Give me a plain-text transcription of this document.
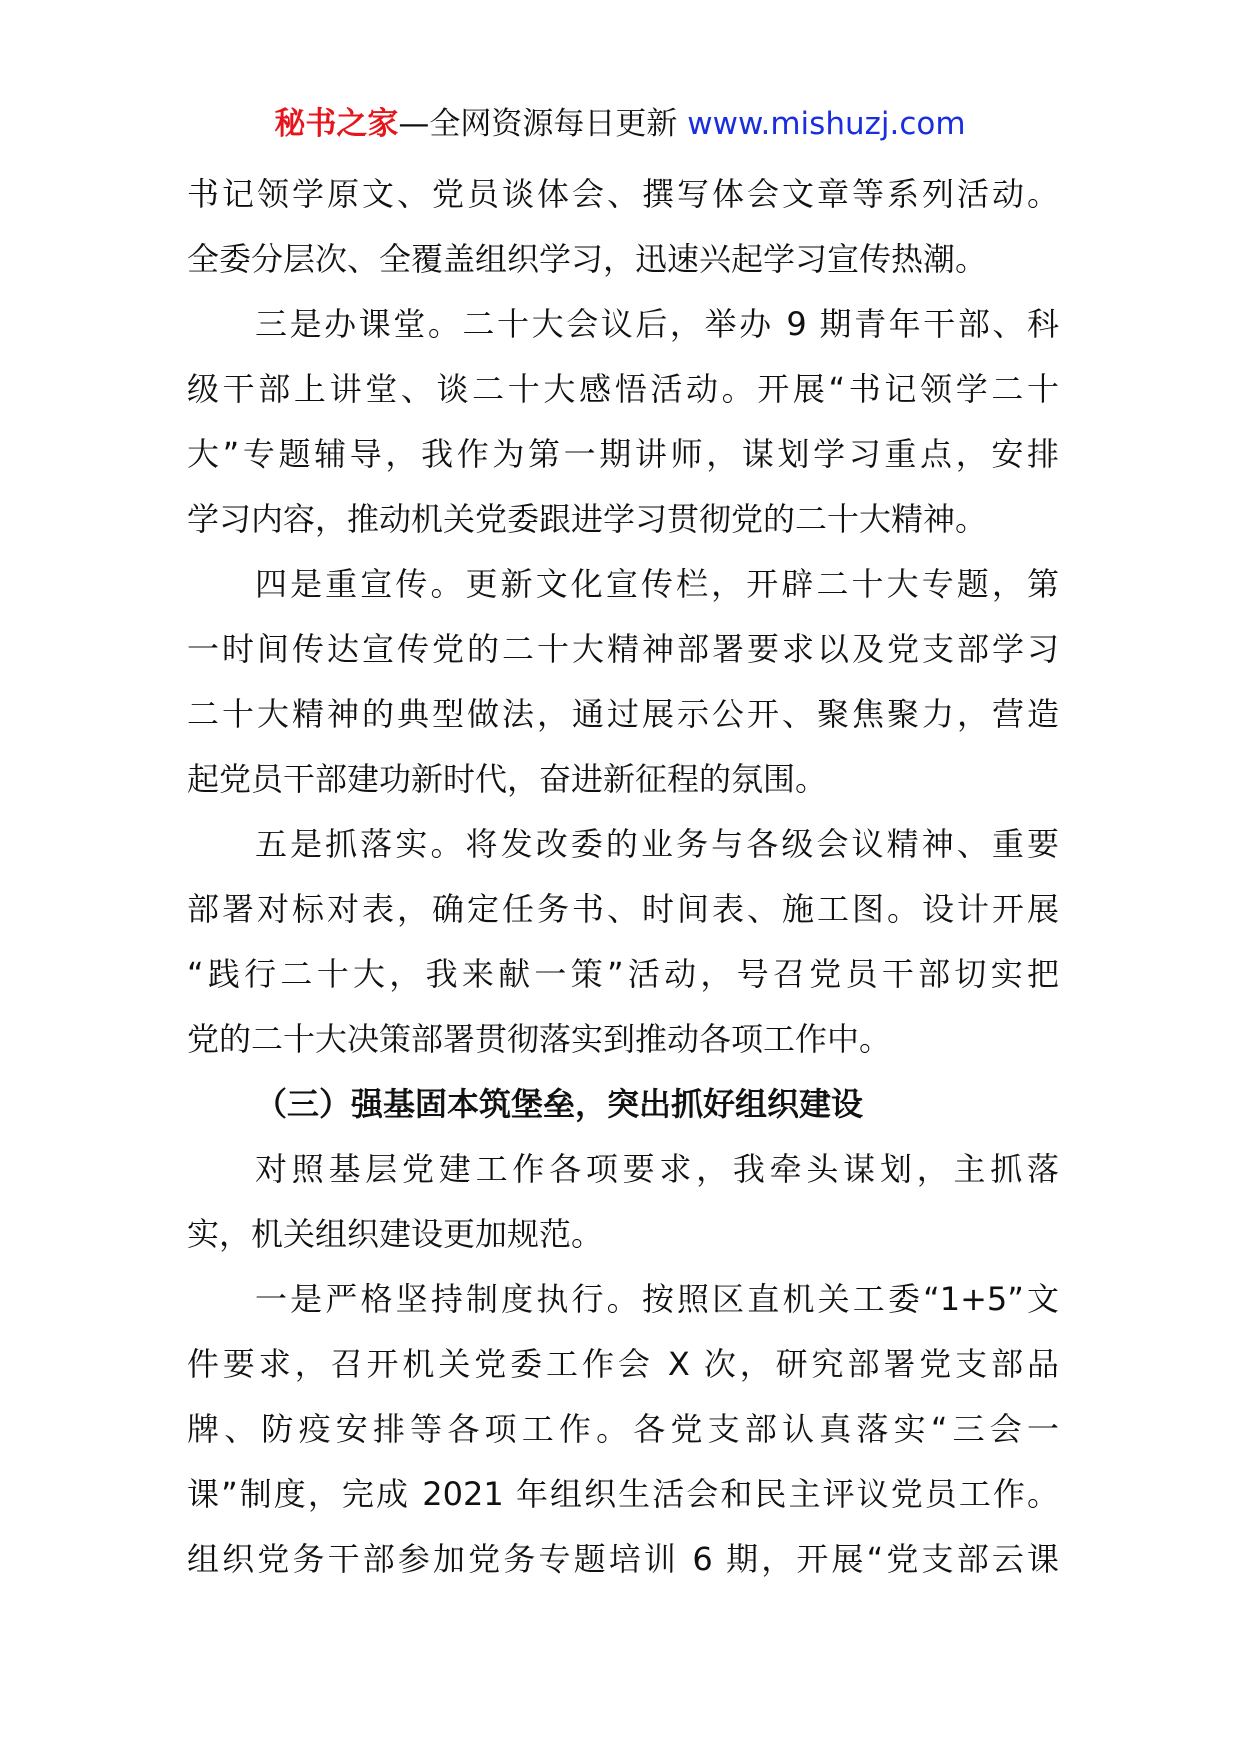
秘书之家—全网资源每日更新 www.mishuzj.com
书记领学原文、党员谈体会、撰写体会文章等系列活动。
全委分层次、全覆盖组织学习，迅速兴起学习宣传热潮。
三是办课堂。二十大会议后，举办 9 期青年干部、科
级干部上讲堂、谈二十大感悟活动。开展“书记领学二十
大”专题辅导，我作为第一期讲师，谋划学习重点，安排
学习内容，推动机关党委跟进学习贯彻党的二十大精神。
四是重宣传。更新文化宣传栏，开辟二十大专题，第
一时间传达宣传党的二十大精神部署要求以及党支部学习
二十大精神的典型做法，通过展示公开、聚焦聚力，营造
起党员干部建功新时代，奋进新征程的氛围。
五是抓落实。将发改委的业务与各级会议精神、重要
部署对标对表，确定任务书、时间表、施工图。设计开展
“践行二十大，我来献一策”活动，号召党员干部切实把
党的二十大决策部署贯彻落实到推动各项工作中。
（三）强基固本筑堡垒，突出抓好组织建设
对照基层党建工作各项要求，我牵头谋划，主抓落
实，机关组织建设更加规范。
一是严格坚持制度执行。按照区直机关工委“1+5”文
件要求，召开机关党委工作会 X 次，研究部署党支部品
牌、防疫安排等各项工作。各党支部认真落实“三会一
课”制度，完成 2021 年组织生活会和民主评议党员工作。
组织党务干部参加党务专题培训 6 期，开展“党支部云课
